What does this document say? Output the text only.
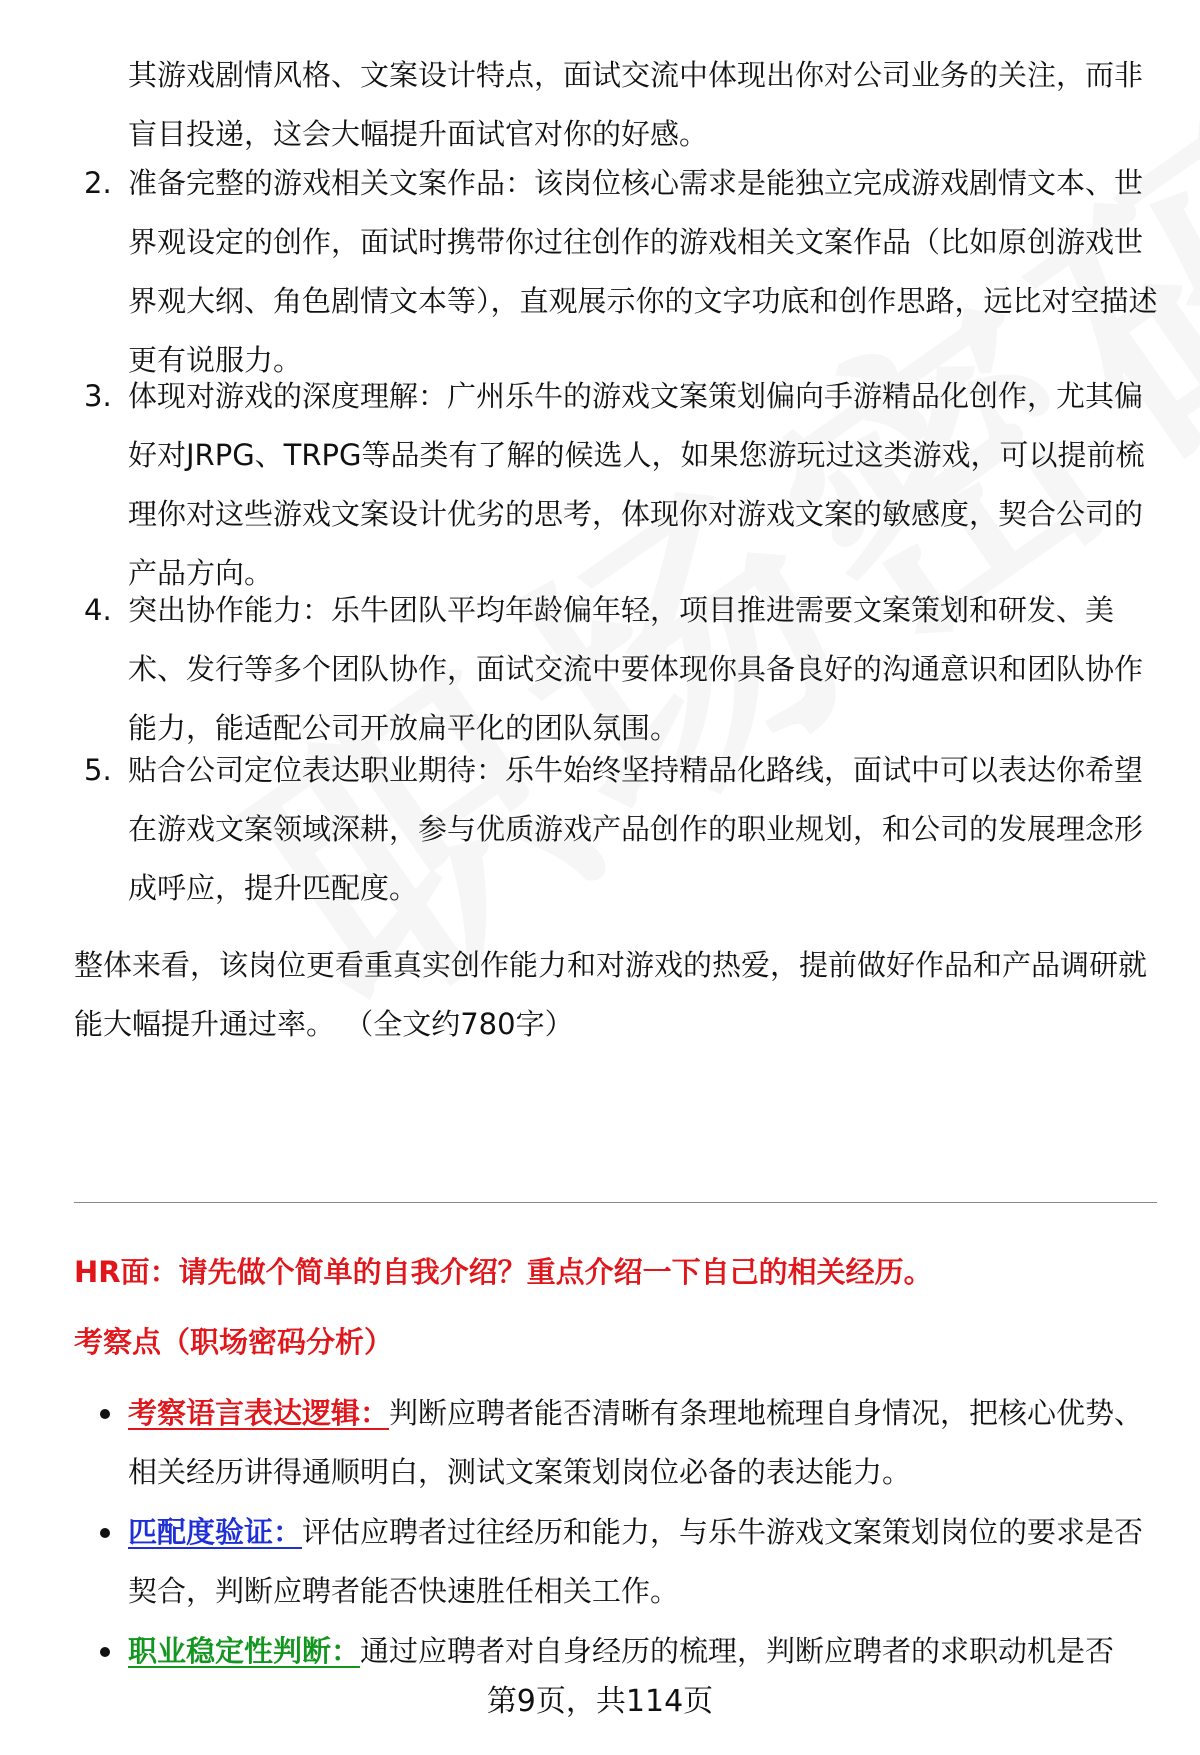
其游戏剧情风格、文案设计特点，面试交流中体现出你对公司业务的关注，而非盲目投递，这会大幅提升面试官对你的好感。
2. 准备完整的游戏相关文案作品：该岗位核心需求是能独立完成游戏剧情文本、世界观设定的创作，面试时携带你过往创作的游戏相关文案作品（比如原创游戏世界观大纲、角色剧情文本等），直观展示你的文字功底和创作思路，远比对空描述更有说服力。
3. 体现对游戏的深度理解：广州乐牛的游戏文案策划偏向手游精品化创作，尤其偏好对JRPG、TRPG等品类有了解的候选人，如果您游玩过这类游戏，可以提前梳理你对这些游戏文案设计优劣的思考，体现你对游戏文案的敏感度，契合公司的产品方向。
4. 突出协作能力：乐牛团队平均年龄偏年轻，项目推进需要文案策划和研发、美术、发行等多个团队协作，面试交流中要体现你具备良好的沟通意识和团队协作能力，能适配公司开放扁平化的团队氛围。
5. 贴合公司定位表达职业期待：乐牛始终坚持精品化路线，面试中可以表达你希望在游戏文案领域深耕，参与优质游戏产品创作的职业规划，和公司的发展理念形成呼应，提升匹配度。
整体来看，该岗位更看重真实创作能力和对游戏的热爱，提前做好作品和产品调研就能大幅提升通过率。 （全文约780字）
HR面：请先做个简单的自我介绍？重点介绍一下自己的相关经历。
考察点（职场密码分析）
考察语言表达逻辑：判断应聘者能否清晰有条理地梳理自身情况，把核心优势、相关经历讲得通顺明白，测试文案策划岗位必备的表达能力。
匹配度验证：评估应聘者过往经历和能力，与乐牛游戏文案策划岗位的要求是否契合，判断应聘者能否快速胜任相关工作。
职业稳定性判断：通过应聘者对自身经历的梳理，判断应聘者的求职动机是否
第9页，共114页
